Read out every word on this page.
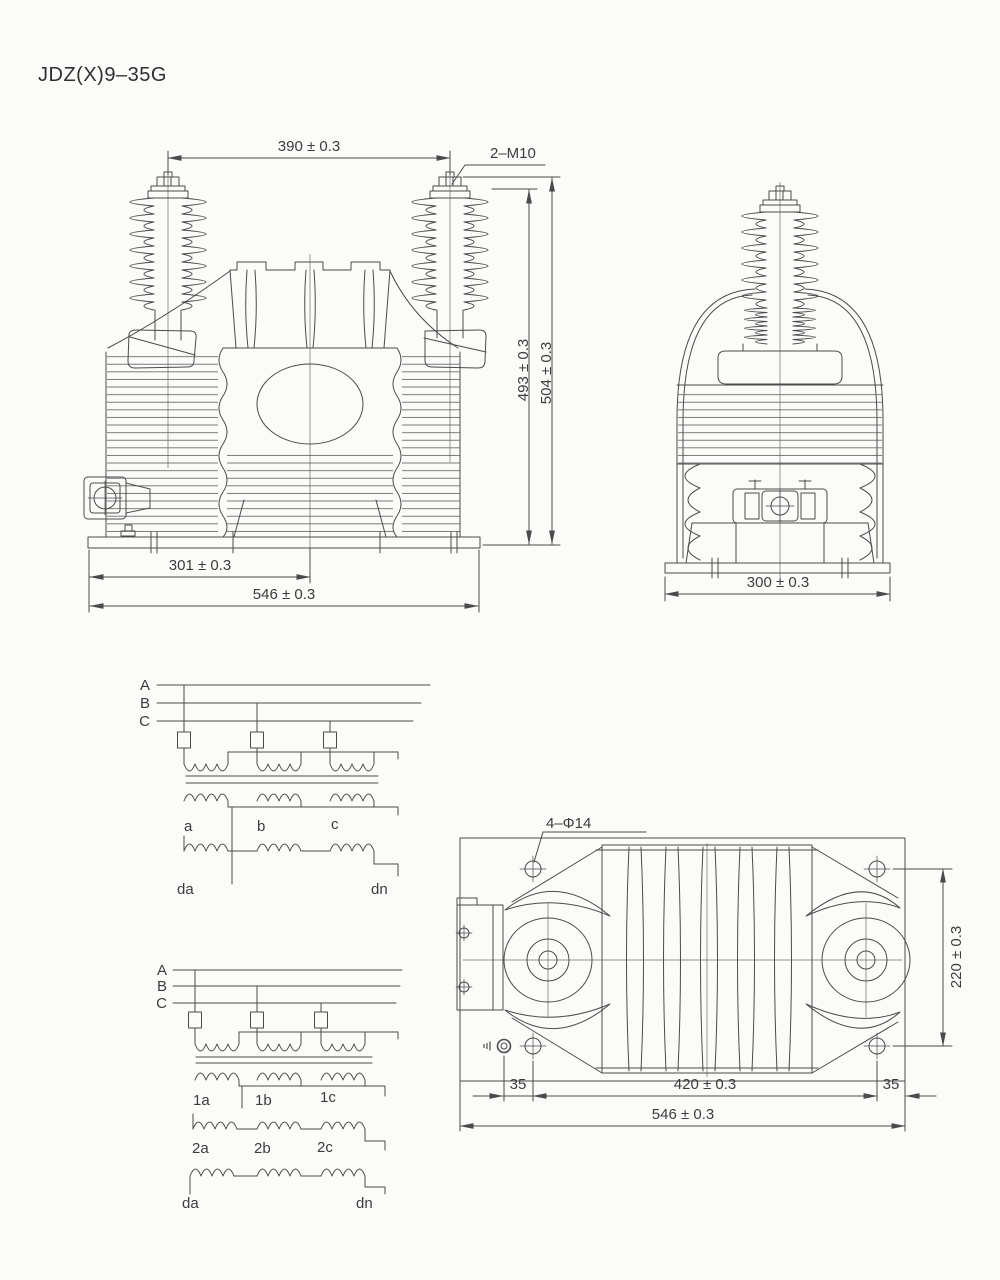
JDZ(X)9–35G
390 ± 0.3	2–M10
493 ± 0.3 504 ± 0.3
301 ± 0.3
546 ± 0.3
300 ± 0.3
A
B
C
a	b	c
da	dn
A
B
C
1a	1b	1c
2a	2b	2c
da	dn
4–Φ14
220 ± 0.3
35	420 ± 0.3	35
546 ± 0.3
